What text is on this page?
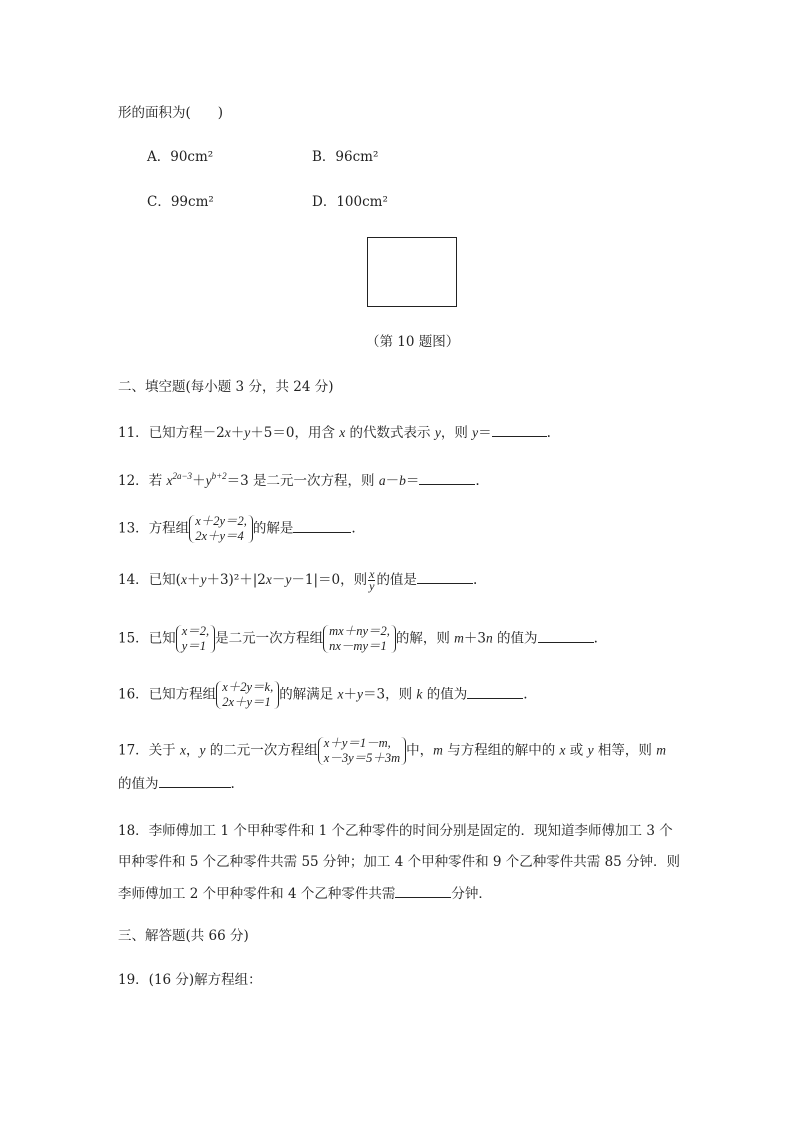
形的面积为(　　)
A．90cm²	B．96cm²
C．99cm²	D．100cm²
（第 10 题图）
二、填空题(每小题 3 分，共 24 分)
11．已知方程－2x＋y＋5＝0，用含 x 的代数式表示 y，则 y＝	.
12．若 $x^{2a-3}+y^{b+2}=3$ 是二元一次方程，则 a－b＝	.
13．方程组 x＋2y＝2,
2x＋y＝4 的解是	.
14．已知(x＋y＋3)²＋|2x－y－1|＝0，则 $\frac{x}{y}$ 的值是	.
15．已知 x＝2,
y＝1 是二元一次方程组 mx＋ny＝2,
nx－my＝1 的解，则 m＋3n 的值为	.
16．已知方程组 x＋2y＝k,
2x＋y＝1 的解满足 x＋y＝3，则 k 的值为	.
17．关于 x，y 的二元一次方程组 x＋y＝1－m,
x－3y＝5＋3m 中，m 与方程组的解中的 x 或 y 相等，则 m
的值为	.
18．李师傅加工 1 个甲种零件和 1 个乙种零件的时间分别是固定的．现知道李师傅加工 3 个
甲种零件和 5 个乙种零件共需 55 分钟；加工 4 个甲种零件和 9 个乙种零件共需 85 分钟．则
李师傅加工 2 个甲种零件和 4 个乙种零件共需	分钟．
三、解答题(共 66 分)
19．(16 分)解方程组：
